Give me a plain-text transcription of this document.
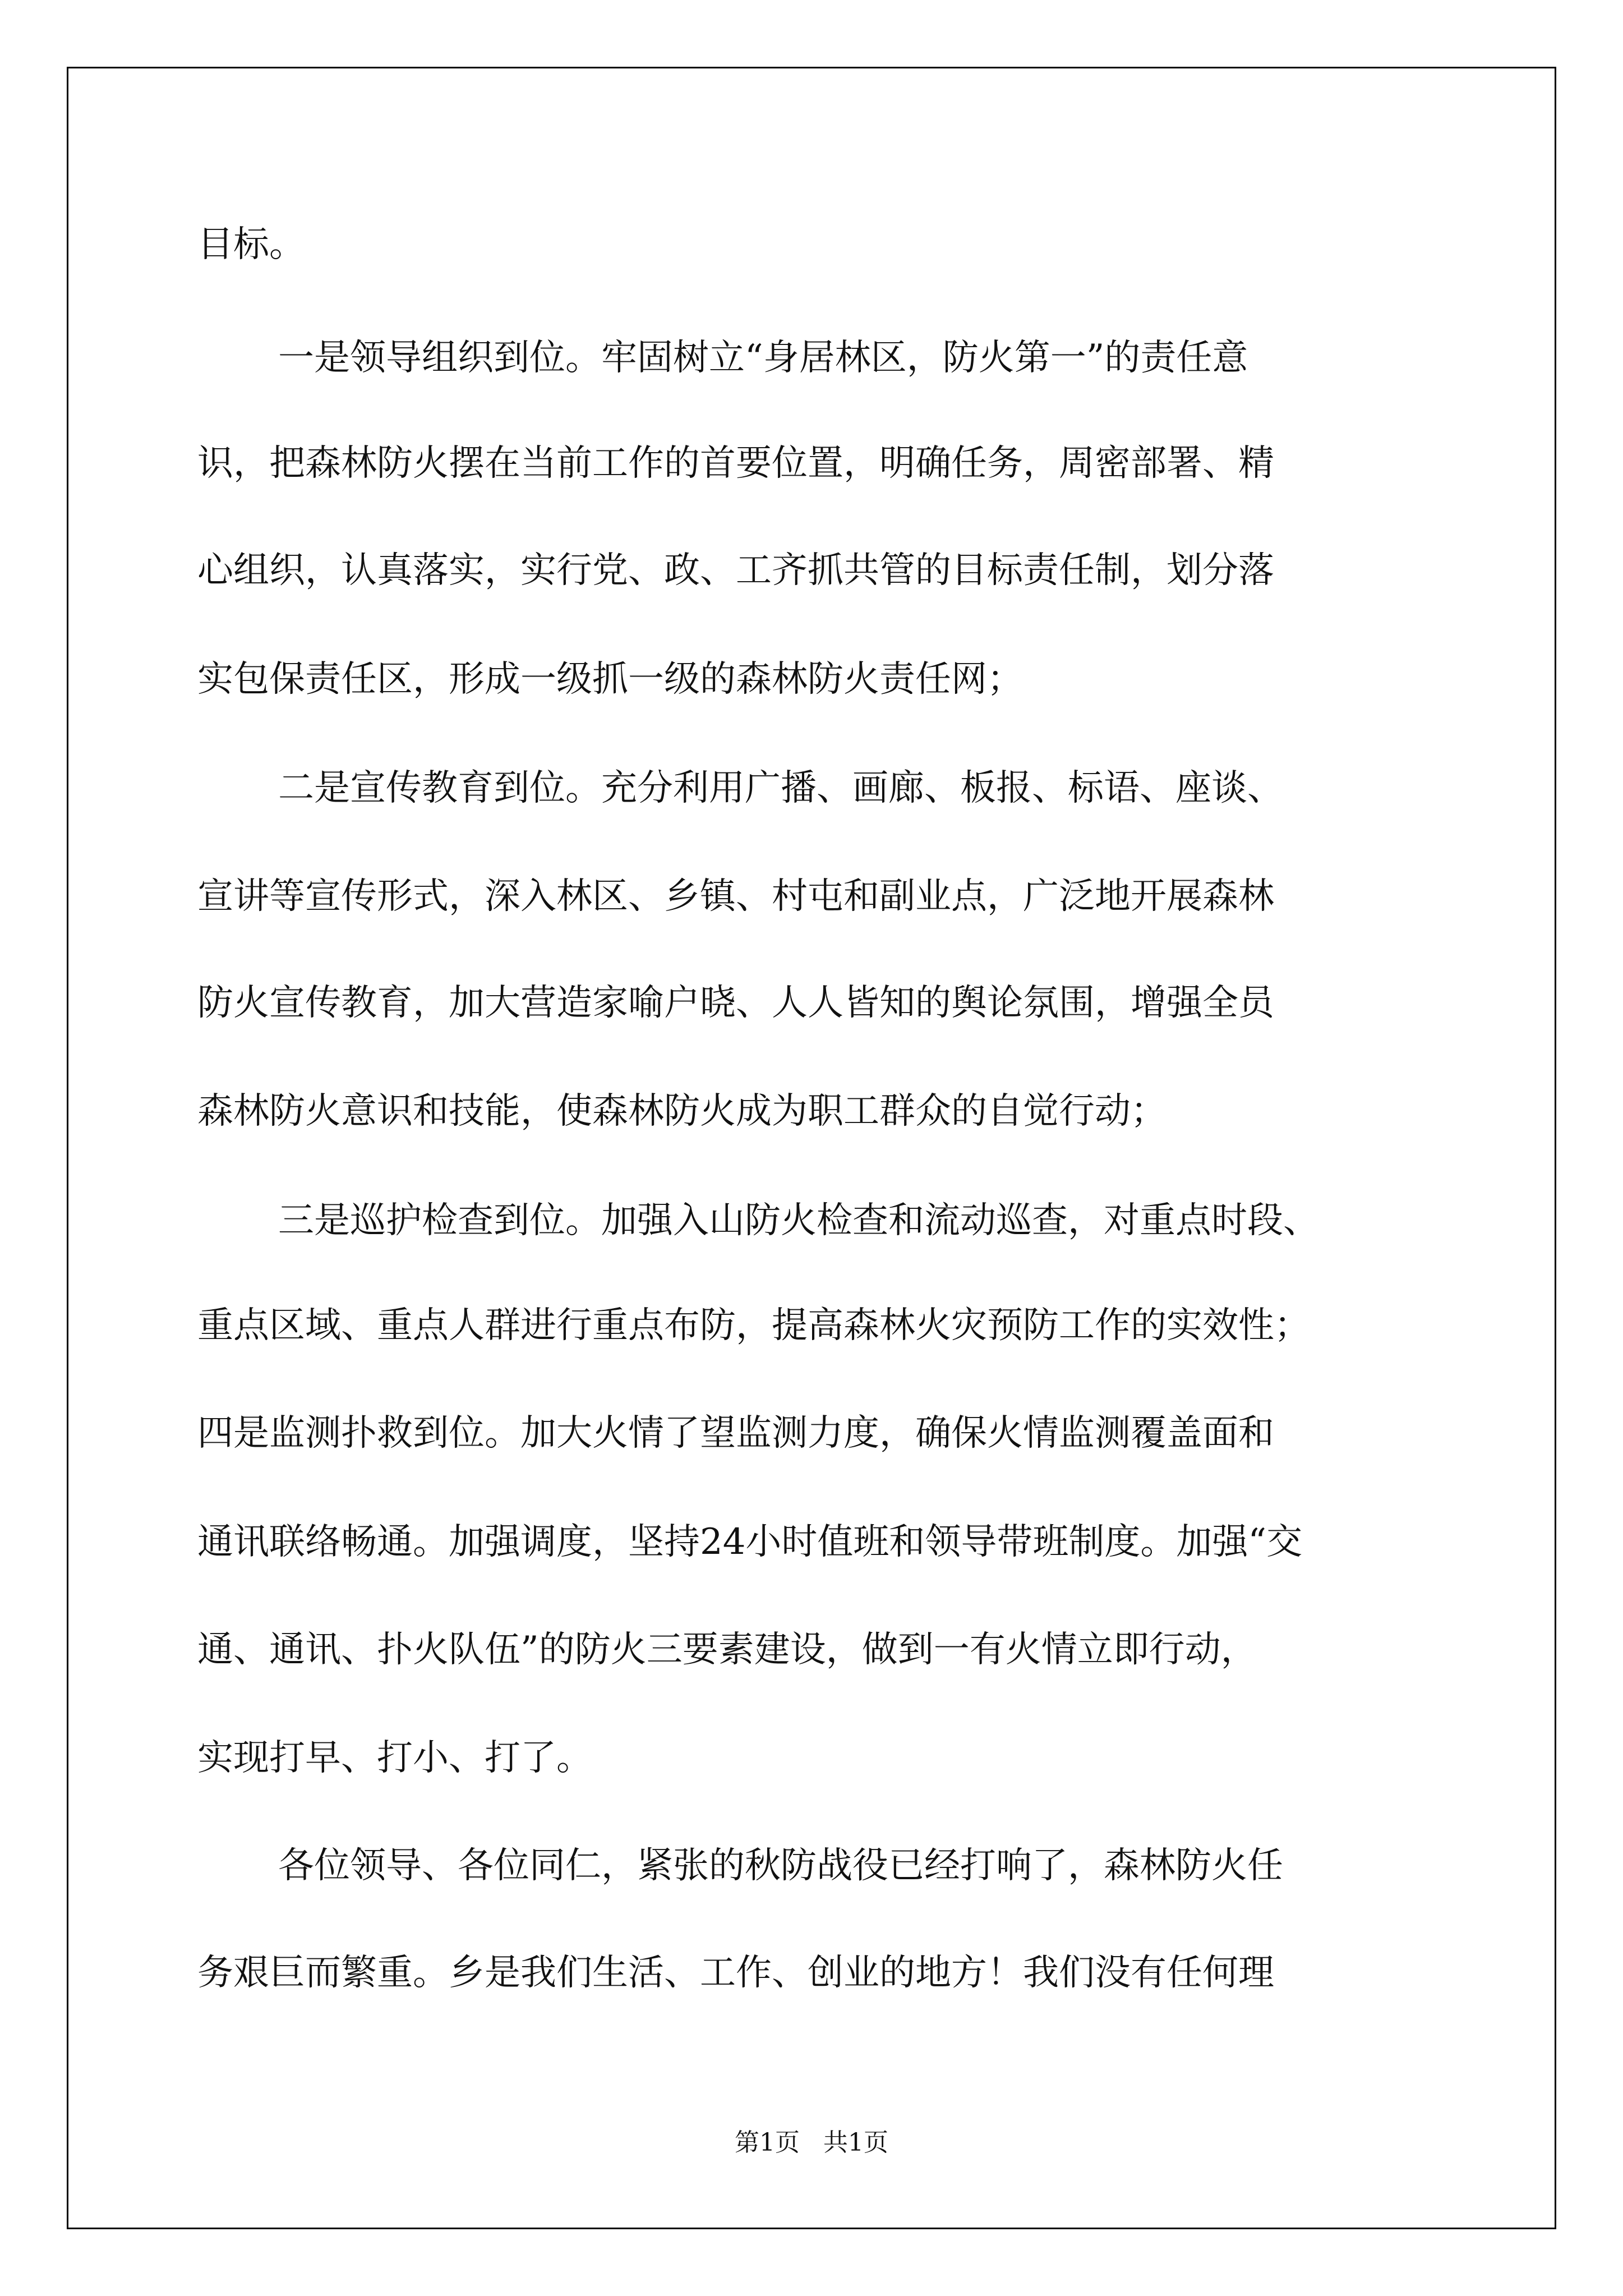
目标。

一是领导组织到位。牢固树立“身居林区，防火第一”的责任意

识，把森林防火摆在当前工作的首要位置，明确任务，周密部署、精

心组织，认真落实，实行党、政、工齐抓共管的目标责任制，划分落

实包保责任区，形成一级抓一级的森林防火责任网；

二是宣传教育到位。充分利用广播、画廊、板报、标语、座谈、

宣讲等宣传形式，深入林区、乡镇、村屯和副业点，广泛地开展森林

防火宣传教育，加大营造家喻户晓、人人皆知的舆论氛围，增强全员

森林防火意识和技能，使森林防火成为职工群众的自觉行动；

三是巡护检查到位。加强入山防火检查和流动巡查，对重点时段、

重点区域、重点人群进行重点布防，提高森林火灾预防工作的实效性；

四是监测扑救到位。加大火情了望监测力度，确保火情监测覆盖面和

通讯联络畅通。加强调度，坚持24小时值班和领导带班制度。加强“交

通、通讯、扑火队伍”的防火三要素建设，做到一有火情立即行动，

实现打早、打小、打了。

各位领导、各位同仁，紧张的秋防战役已经打响了，森林防火任

务艰巨而繁重。乡是我们生活、工作、创业的地方！我们没有任何理

第1页   共1页
